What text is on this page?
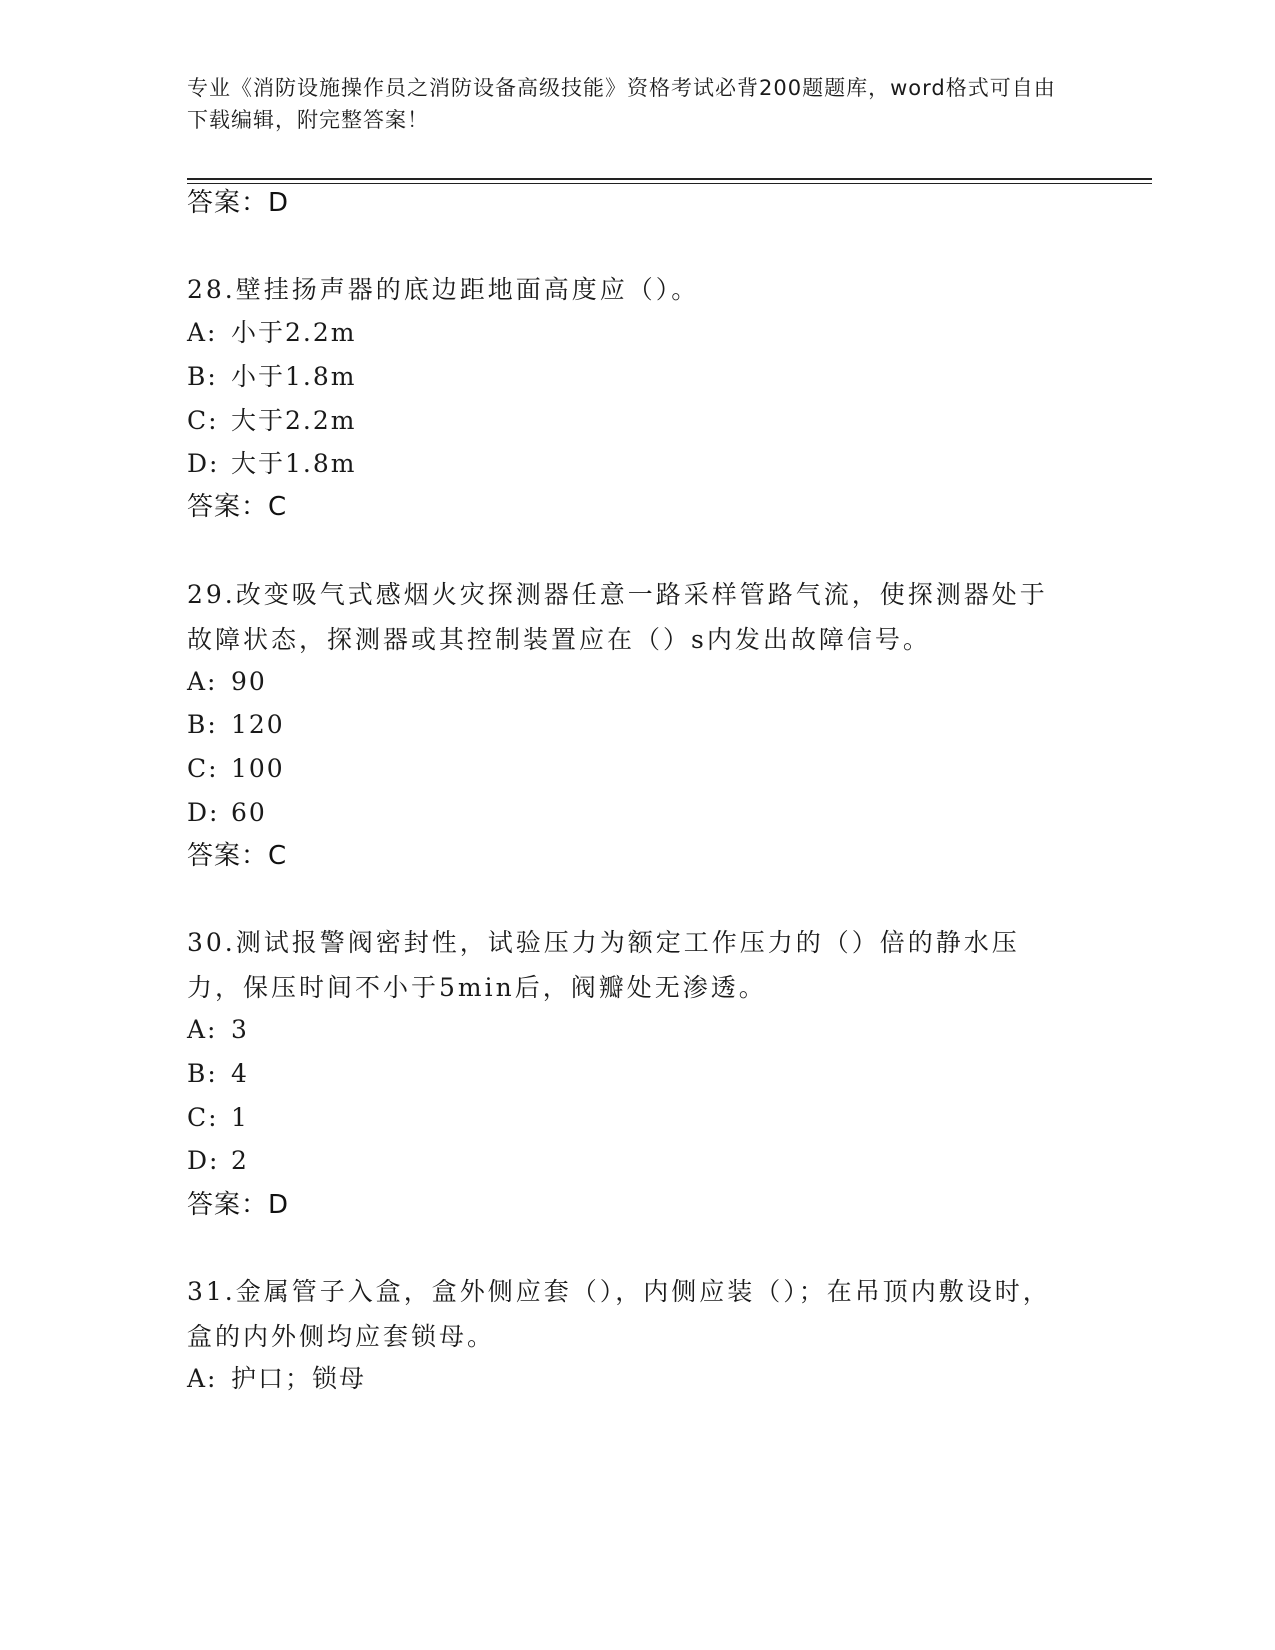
专业《消防设施操作员之消防设备高级技能》资格考试必背200题题库，word格式可自由下载编辑，附完整答案！
答案：D
28.壁挂扬声器的底边距地面高度应（）。
A: 小于2.2m
B: 小于1.8m
C: 大于2.2m
D: 大于1.8m
答案：C
29.改变吸气式感烟火灾探测器任意一路采样管路气流，使探测器处于故障状态，探测器或其控制装置应在（）s内发出故障信号。
A: 90
B: 120
C: 100
D: 60
答案：C
30.测试报警阀密封性，试验压力为额定工作压力的（）倍的静水压力，保压时间不小于5min后，阀瓣处无渗透。
A: 3
B: 4
C: 1
D: 2
答案：D
31.金属管子入盒，盒外侧应套（），内侧应装（）；在吊顶内敷设时，盒的内外侧均应套锁母。
A: 护口；锁母
